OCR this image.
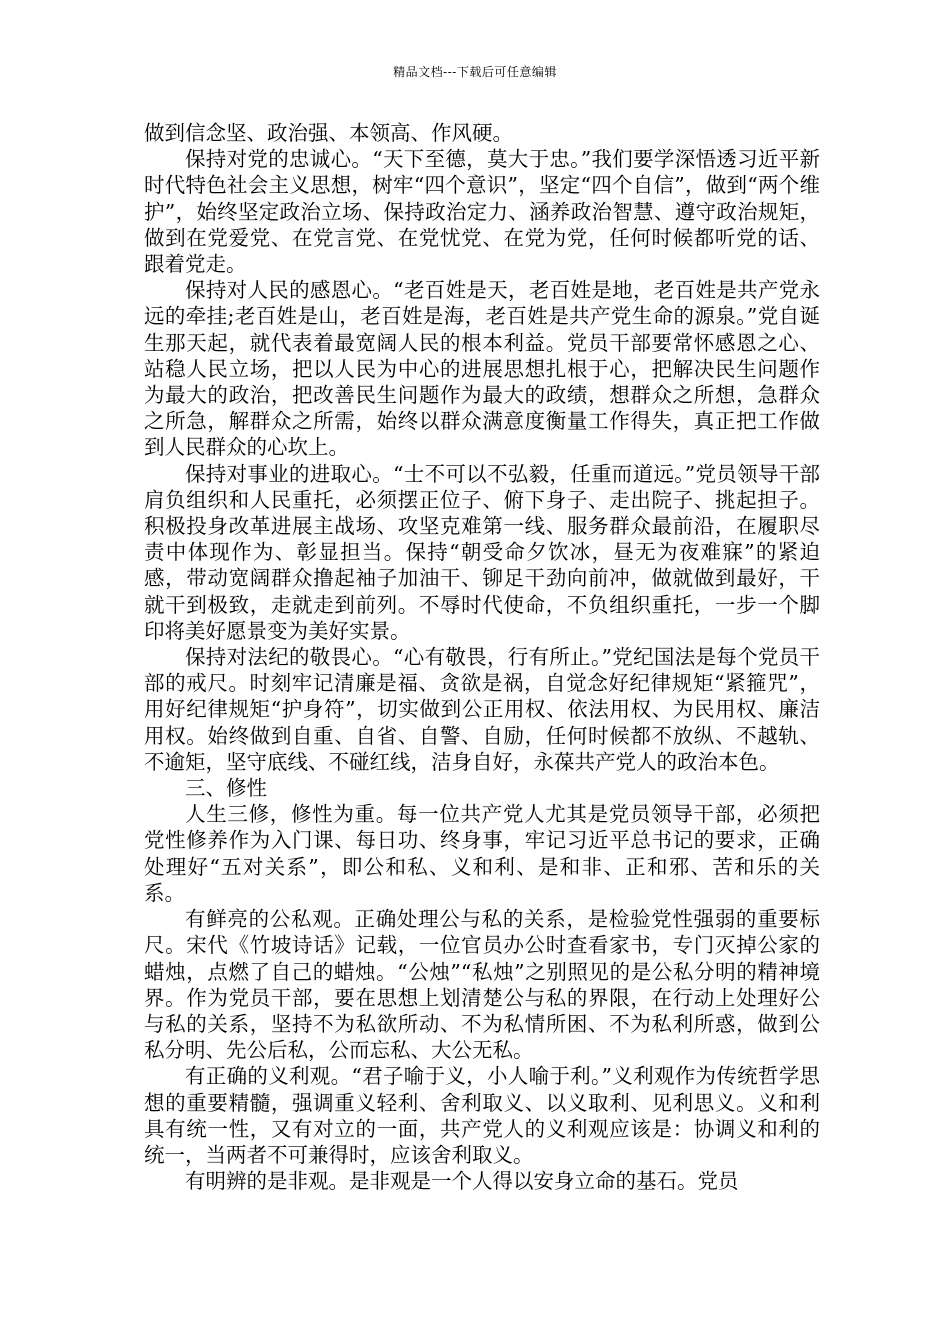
精品文档---下载后可任意编辑

做到信念坚、政治强、本领高、作风硬。

保持对党的忠诚心。“天下至德，莫大于忠。”我们要学深悟透习近平新时代特色社会主义思想，树牢“四个意识”，坚定“四个自信”，做到“两个维护”，始终坚定政治立场、保持政治定力、涵养政治智慧、遵守政治规矩，做到在党爱党、在党言党、在党忧党、在党为党，任何时候都听党的话、跟着党走。

保持对人民的感恩心。“老百姓是天，老百姓是地，老百姓是共产党永远的牵挂;老百姓是山，老百姓是海，老百姓是共产党生命的源泉。”党自诞生那天起，就代表着最宽阔人民的根本利益。党员干部要常怀感恩之心、站稳人民立场，把以人民为中心的进展思想扎根于心，把解决民生问题作为最大的政治，把改善民生问题作为最大的政绩，想群众之所想，急群众之所急，解群众之所需，始终以群众满意度衡量工作得失，真正把工作做到人民群众的心坎上。

保持对事业的进取心。“士不可以不弘毅，任重而道远。”党员领导干部肩负组织和人民重托，必须摆正位子、俯下身子、走出院子、挑起担子。积极投身改革进展主战场、攻坚克难第一线、服务群众最前沿，在履职尽责中体现作为、彰显担当。保持“朝受命夕饮冰，昼无为夜难寐”的紧迫感，带动宽阔群众撸起袖子加油干、铆足干劲向前冲，做就做到最好，干就干到极致，走就走到前列。不辱时代使命，不负组织重托，一步一个脚印将美好愿景变为美好实景。

保持对法纪的敬畏心。“心有敬畏，行有所止。”党纪国法是每个党员干部的戒尺。时刻牢记清廉是福、贪欲是祸，自觉念好纪律规矩“紧箍咒”，用好纪律规矩“护身符”，切实做到公正用权、依法用权、为民用权、廉洁用权。始终做到自重、自省、自警、自励，任何时候都不放纵、不越轨、不逾矩，坚守底线、不碰红线，洁身自好，永葆共产党人的政治本色。

三、修性

人生三修，修性为重。每一位共产党人尤其是党员领导干部，必须把党性修养作为入门课、每日功、终身事，牢记习近平总书记的要求，正确处理好“五对关系”，即公和私、义和利、是和非、正和邪、苦和乐的关系。

有鲜亮的公私观。正确处理公与私的关系，是检验党性强弱的重要标尺。宋代《竹坡诗话》记载，一位官员办公时查看家书，专门灭掉公家的蜡烛，点燃了自己的蜡烛。“公烛”“私烛”之别照见的是公私分明的精神境界。作为党员干部，要在思想上划清楚公与私的界限，在行动上处理好公与私的关系，坚持不为私欲所动、不为私情所困、不为私利所惑，做到公私分明、先公后私，公而忘私、大公无私。

有正确的义利观。“君子喻于义，小人喻于利。”义利观作为传统哲学思想的重要精髓，强调重义轻利、舍利取义、以义取利、见利思义。义和利具有统一性，又有对立的一面，共产党人的义利观应该是：协调义和利的统一，当两者不可兼得时，应该舍利取义。

有明辨的是非观。是非观是一个人得以安身立命的基石。党员
